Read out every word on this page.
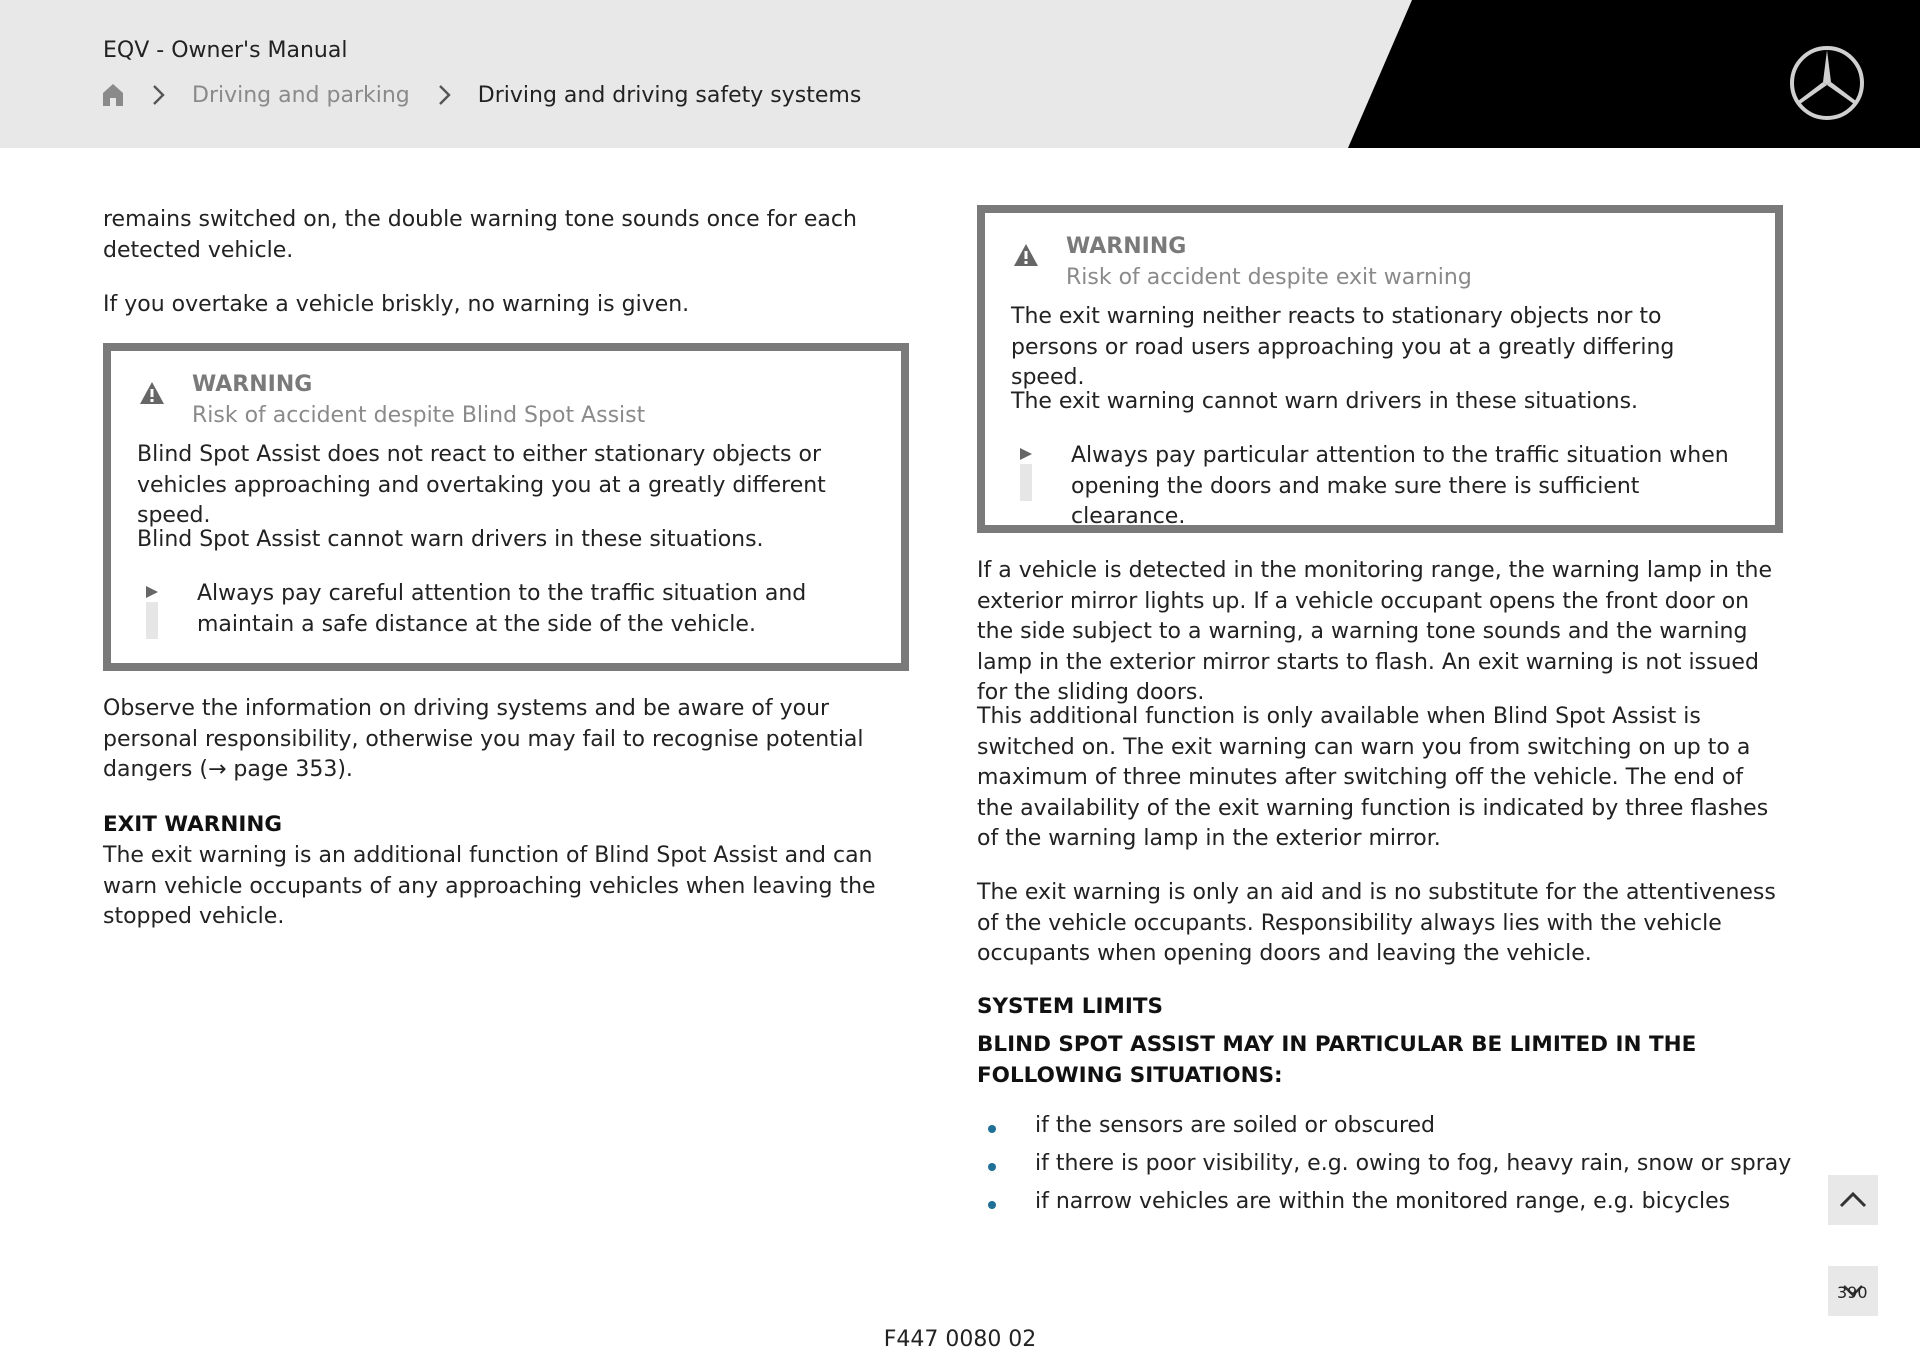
EQV - Owner's Manual
Driving and parking	Driving and driving safety systems

remains switched on, the double warning tone sounds once for each detected vehicle.

If you overtake a vehicle briskly, no warning is given.

WARNING
Risk of accident despite Blind Spot Assist
Blind Spot Assist does not react to either stationary objects or vehicles approaching and overtaking you at a greatly different speed.
Blind Spot Assist cannot warn drivers in these situations.
Always pay careful attention to the traffic situation and maintain a safe distance at the side of the vehicle.

Observe the information on driving systems and be aware of your personal responsibility, otherwise you may fail to recognise potential dangers (→ page 353).

EXIT WARNING

The exit warning is an additional function of Blind Spot Assist and can warn vehicle occupants of any approaching vehicles when leaving the stopped vehicle.

WARNING
Risk of accident despite exit warning
The exit warning neither reacts to stationary objects nor to persons or road users approaching you at a greatly differing speed.
The exit warning cannot warn drivers in these situations.
Always pay particular attention to the traffic situation when opening the doors and make sure there is sufficient clearance.

If a vehicle is detected in the monitoring range, the warning lamp in the exterior mirror lights up. If a vehicle occupant opens the front door on the side subject to a warning, a warning tone sounds and the warning lamp in the exterior mirror starts to flash. An exit warning is not issued for the sliding doors.

This additional function is only available when Blind Spot Assist is switched on. The exit warning can warn you from switching on up to a maximum of three minutes after switching off the vehicle. The end of the availability of the exit warning function is indicated by three flashes of the warning lamp in the exterior mirror.

The exit warning is only an aid and is no substitute for the attentiveness of the vehicle occupants. Responsibility always lies with the vehicle occupants when opening doors and leaving the vehicle.

SYSTEM LIMITS
BLIND SPOT ASSIST MAY IN PARTICULAR BE LIMITED IN THE FOLLOWING SITUATIONS:
if the sensors are soiled or obscured
if there is poor visibility, e.g. owing to fog, heavy rain, snow or spray
if narrow vehicles are within the monitored range, e.g. bicycles
390
F447 0080 02
